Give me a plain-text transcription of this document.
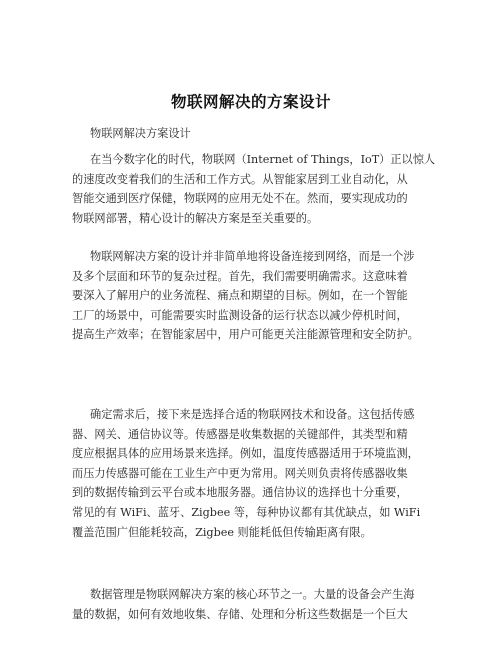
物联网解决的方案设计
物联网解决方案设计
在当今数字化的时代，物联网（Internet of Things，IoT）正以惊人
的速度改变着我们的生活和工作方式。从智能家居到工业自动化，从
智能交通到医疗保健，物联网的应用无处不在。然而，要实现成功的
物联网部署，精心设计的解决方案是至关重要的。
物联网解决方案的设计并非简单地将设备连接到网络，而是一个涉
及多个层面和环节的复杂过程。首先，我们需要明确需求。这意味着
要深入了解用户的业务流程、痛点和期望的目标。例如，在一个智能
工厂的场景中，可能需要实时监测设备的运行状态以减少停机时间，
提高生产效率；在智能家居中，用户可能更关注能源管理和安全防护。
确定需求后，接下来是选择合适的物联网技术和设备。这包括传感
器、网关、通信协议等。传感器是收集数据的关键部件，其类型和精
度应根据具体的应用场景来选择。例如，温度传感器适用于环境监测，
而压力传感器可能在工业生产中更为常用。网关则负责将传感器收集
到的数据传输到云平台或本地服务器。通信协议的选择也十分重要，
常见的有 WiFi、蓝牙、Zigbee 等，每种协议都有其优缺点，如 WiFi
覆盖范围广但能耗较高，Zigbee 则能耗低但传输距离有限。
数据管理是物联网解决方案的核心环节之一。大量的设备会产生海
量的数据，如何有效地收集、存储、处理和分析这些数据是一个巨大
